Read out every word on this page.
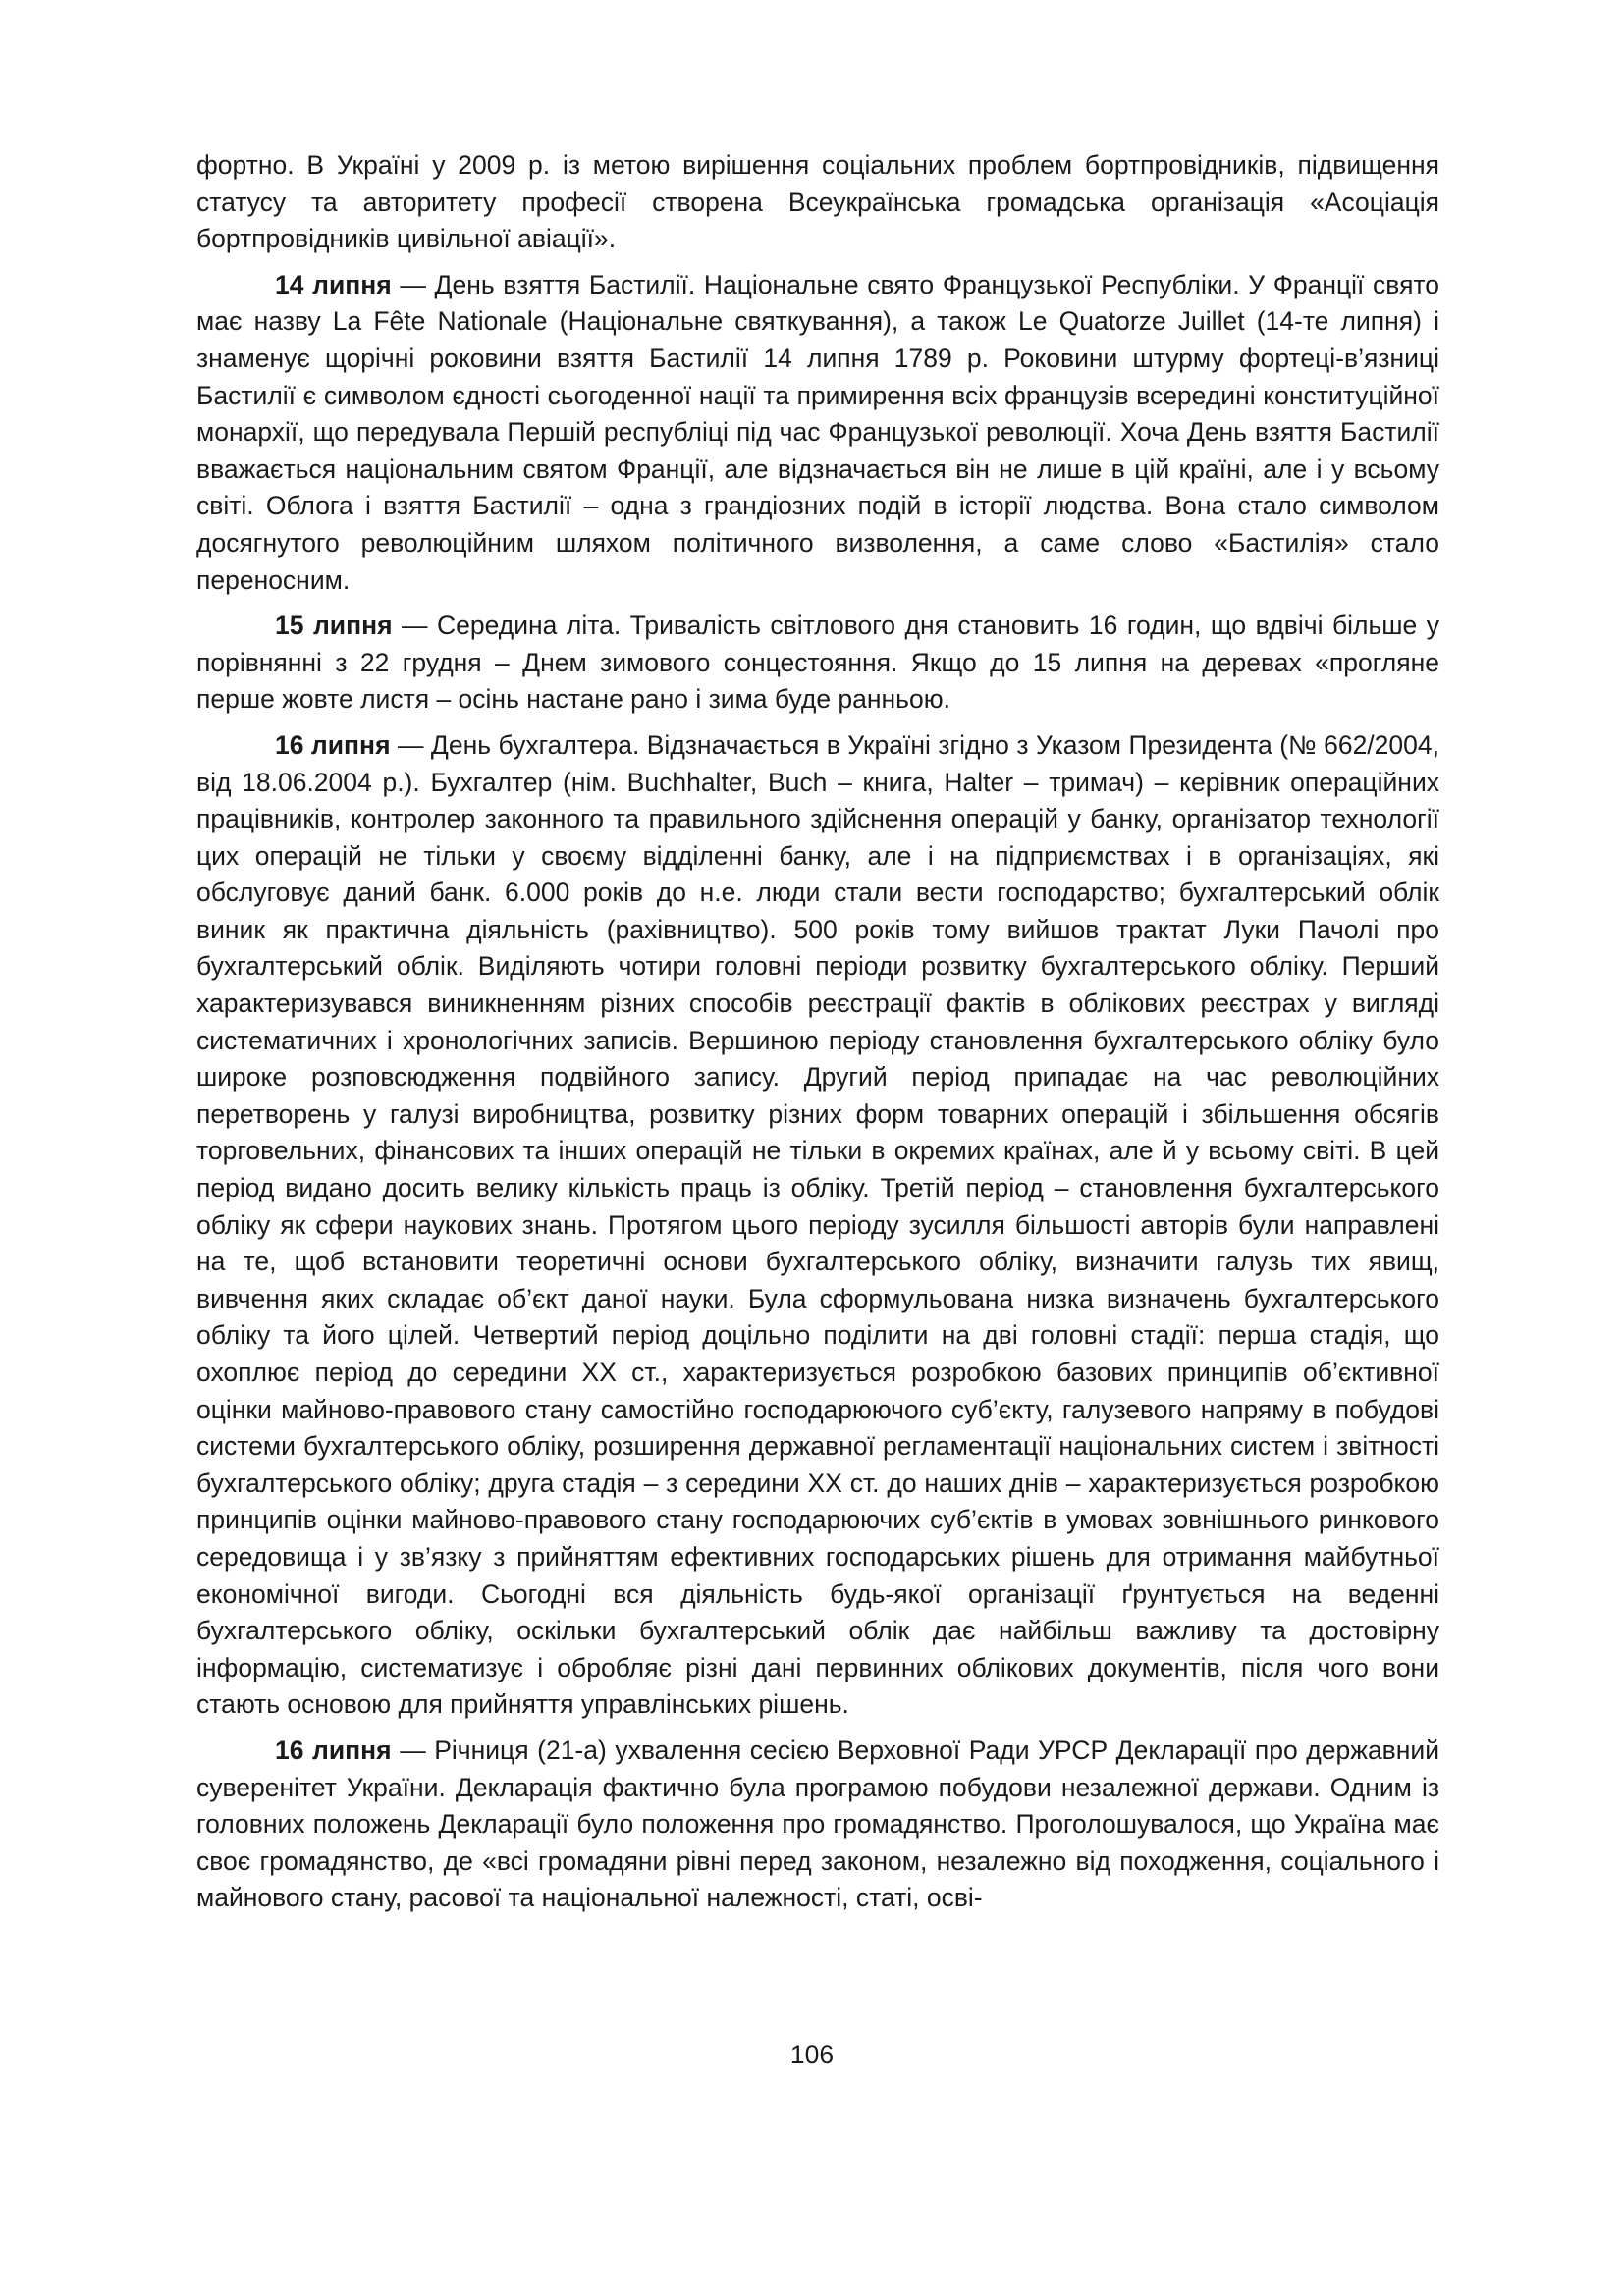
фортно. В Україні у 2009 р. із метою вирішення соціальних проблем бортпровідників, підвищення статусу та авторитету професії створена Всеукраїнська громадська організація «Асоціація бортпровідників цивільної авіації».

14 липня — День взяття Бастилії. Національне свято Французької Республіки. У Франції свято має назву La Fête Nationale (Національне святкування), а також Le Quatorze Juillet (14-те липня) і знаменує щорічні роковини взяття Бастилії 14 липня 1789 р. Роковини штурму фортеці-в’язниці Бастилії є символом єдності сьогоденної нації та примирення всіх французів всередині конституційної монархії, що передувала Першій республіці під час Французької революції. Хоча День взяття Бастилії вважається національним святом Франції, але відзначається він не лише в цій країні, але і у всьому світі. Облога і взяття Бастилії – одна з грандіозних подій в історії людства. Вона стало символом досягнутого революційним шляхом політичного визволення, а саме слово «Бастилія» стало переносним.

15 липня — Середина літа. Тривалість світлового дня становить 16 годин, що вдвічі більше у порівнянні з 22 грудня – Днем зимового сонцестояння. Якщо до 15 липня на деревах «прогляне перше жовте листя – осінь настане рано і зима буде ранньою.

16 липня — День бухгалтера. Відзначається в Україні згідно з Указом Президента (№ 662/2004, від 18.06.2004 р.). Бухгалтер (нім. Buchhalter, Buch – книга, Halter – тримач) – керівник операційних працівників, контролер законного та правильного здійснення операцій у банку, організатор технології цих операцій не тільки у своєму відділенні банку, але і на підприємствах і в організаціях, які обслуговує даний банк. 6.000 років до н.е. люди стали вести господарство; бухгалтерський облік виник як практична діяльність (рахівництво). 500 років тому вийшов трактат Луки Пачолі про бухгалтерський облік. Виділяють чотири головні періоди розвитку бухгалтерського обліку. Перший характеризувався виникненням різних способів реєстрації фактів в облікових реєстрах у вигляді систематичних і хронологічних записів. Вершиною періоду становлення бухгалтерського обліку було широке розповсюдження подвійного запису. Другий період припадає на час революційних перетворень у галузі виробництва, розвитку різних форм товарних операцій і збільшення обсягів торговельних, фінансових та інших операцій не тільки в окремих країнах, але й у всьому світі. В цей період видано досить велику кількість праць із обліку. Третій період – становлення бухгалтерського обліку як сфери наукових знань. Протягом цього періоду зусилля більшості авторів були направлені на те, щоб встановити теоретичні основи бухгалтерського обліку, визначити галузь тих явищ, вивчення яких складає об’єкт даної науки. Була сформульована низка визначень бухгалтерського обліку та його цілей. Четвертий період доцільно поділити на дві головні стадії: перша стадія, що охоплює період до середини XX ст., характеризується розробкою базових принципів об’єктивної оцінки майново-правового стану самостійно господарюючого суб’єкту, галузевого напряму в побудові системи бухгалтерського обліку, розширення державної регламентації національних систем і звітності бухгалтерського обліку; друга стадія – з середини XX ст. до наших днів – характеризується розробкою принципів оцінки майново-правового стану господарюючих суб’єктів в умовах зовнішнього ринкового середовища і у зв’язку з прийняттям ефективних господарських рішень для отримання майбутньої економічної вигоди. Сьогодні вся діяльність будь-якої організації ґрунтується на веденні бухгалтерського обліку, оскільки бухгалтерський облік дає найбільш важливу та достовірну інформацію, систематизує і обробляє різні дані первинних облікових документів, після чого вони стають основою для прийняття управлінських рішень.

16 липня — Річниця (21-а) ухвалення сесією Верховної Ради УРСР Декларації про державний суверенітет України. Декларація фактично була програмою побудови незалежної держави. Одним із головних положень Декларації було положення про громадянство. Проголошувалося, що Україна має своє громадянство, де «всі громадяни рівні перед законом, незалежно від походження, соціального і майнового стану, расової та національної належності, статі, осві-

106
